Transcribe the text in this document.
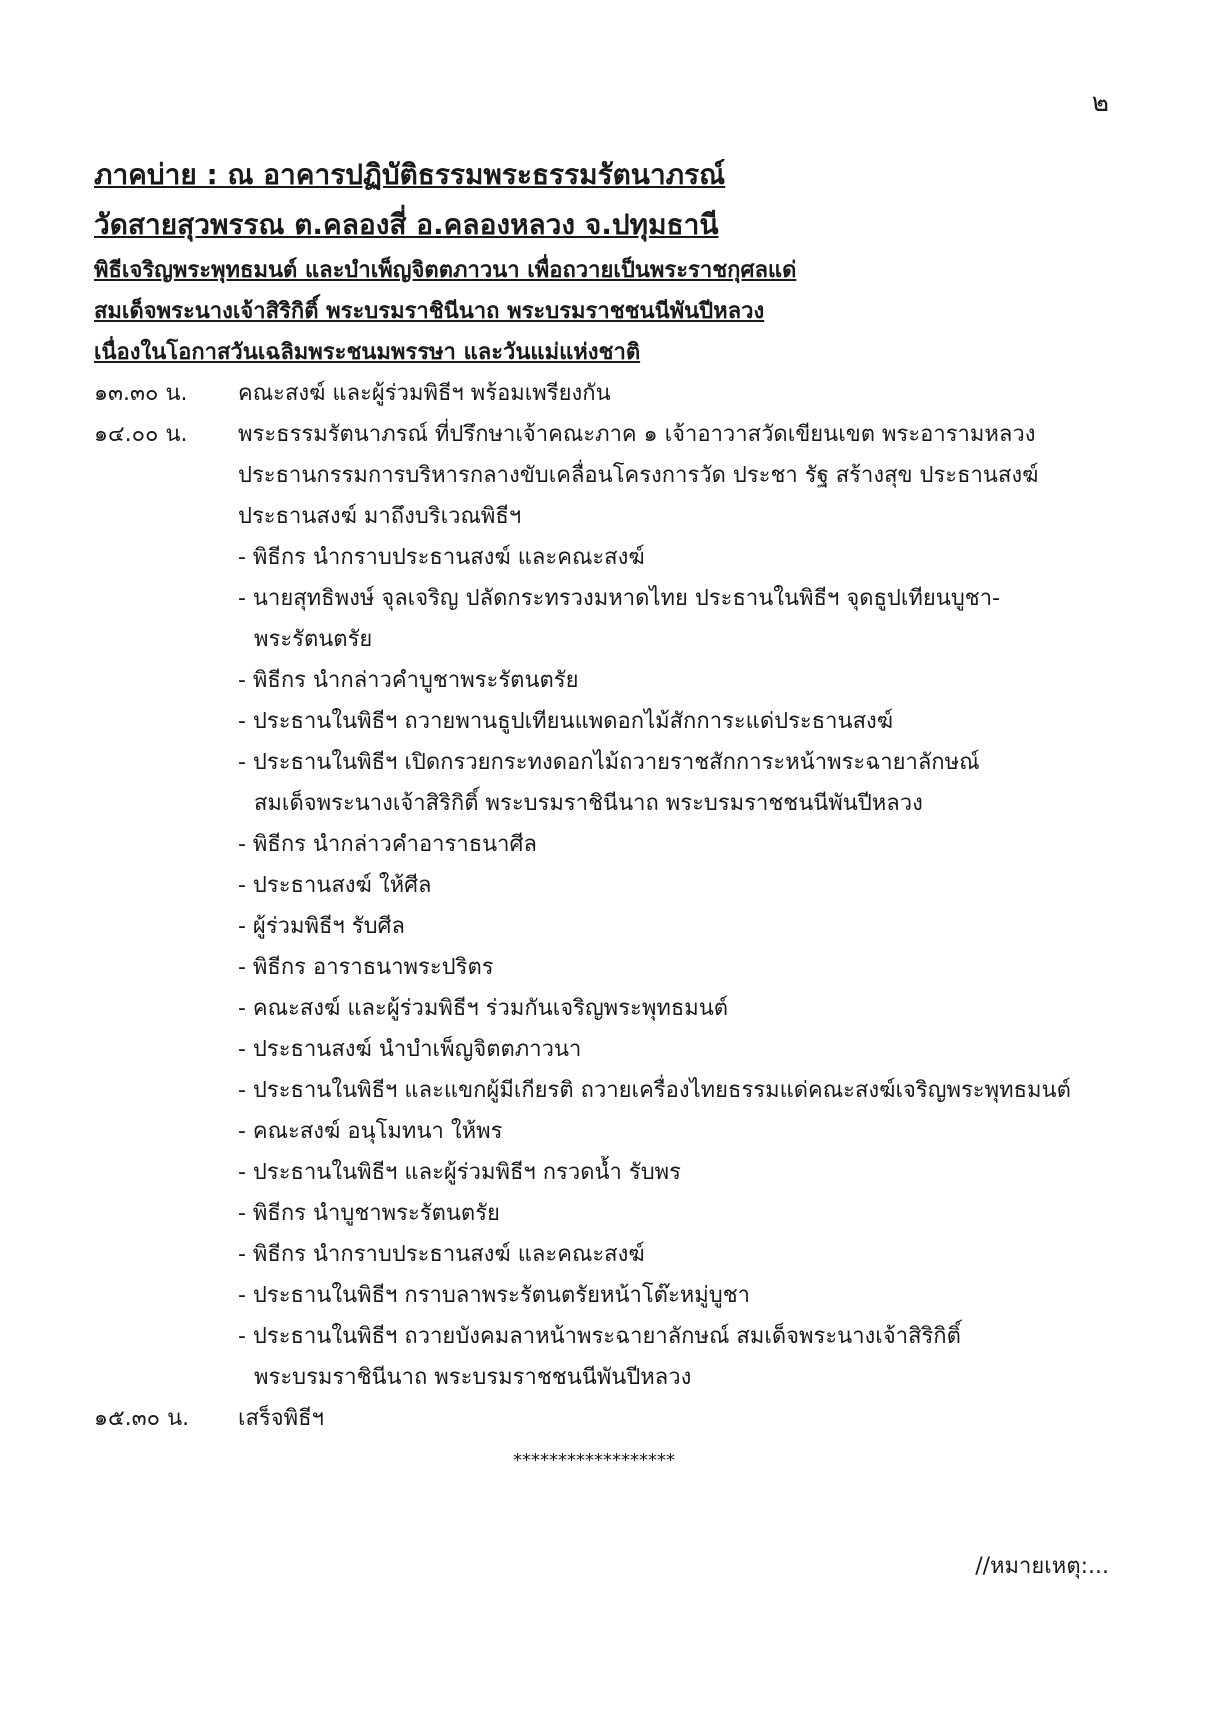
๒
ภาคบ่าย : ณ อาคารปฏิบัติธรรมพระธรรมรัตนาภรณ์
วัดสายสุวพรรณ ต.คลองสี่ อ.คลองหลวง จ.ปทุมธานี
พิธีเจริญพระพุทธมนต์ และบำเพ็ญจิตตภาวนา เพื่อถวายเป็นพระราชกุศลแด่
สมเด็จพระนางเจ้าสิริกิติ์ พระบรมราชินีนาถ พระบรมราชชนนีพันปีหลวง
เนื่องในโอกาสวันเฉลิมพระชนมพรรษา และวันแม่แห่งชาติ
๑๓.๓๐ น.	คณะสงฆ์ และผู้ร่วมพิธีฯ พร้อมเพรียงกัน
๑๔.๐๐ น.	พระธรรมรัตนาภรณ์ ที่ปรึกษาเจ้าคณะภาค ๑ เจ้าอาวาสวัดเขียนเขต พระอารามหลวง
ประธานกรรมการบริหารกลางขับเคลื่อนโครงการวัด ประชา รัฐ สร้างสุข ประธานสงฆ์
ประธานสงฆ์ มาถึงบริเวณพิธีฯ
- พิธีกร นำกราบประธานสงฆ์ และคณะสงฆ์
- นายสุทธิพงษ์ จุลเจริญ ปลัดกระทรวงมหาดไทย ประธานในพิธีฯ จุดธูปเทียนบูชา-
พระรัตนตรัย
- พิธีกร นำกล่าวคำบูชาพระรัตนตรัย
- ประธานในพิธีฯ ถวายพานธูปเทียนแพดอกไม้สักการะแด่ประธานสงฆ์
- ประธานในพิธีฯ เปิดกรวยกระทงดอกไม้ถวายราชสักการะหน้าพระฉายาลักษณ์
สมเด็จพระนางเจ้าสิริกิติ์ พระบรมราชินีนาถ พระบรมราชชนนีพันปีหลวง
- พิธีกร นำกล่าวคำอาราธนาศีล
- ประธานสงฆ์ ให้ศีล
- ผู้ร่วมพิธีฯ รับศีล
- พิธีกร อาราธนาพระปริตร
- คณะสงฆ์ และผู้ร่วมพิธีฯ ร่วมกันเจริญพระพุทธมนต์
- ประธานสงฆ์ นำบำเพ็ญจิตตภาวนา
- ประธานในพิธีฯ และแขกผู้มีเกียรติ ถวายเครื่องไทยธรรมแด่คณะสงฆ์เจริญพระพุทธมนต์
- คณะสงฆ์ อนุโมทนา ให้พร
- ประธานในพิธีฯ และผู้ร่วมพิธีฯ กรวดน้ำ รับพร
- พิธีกร นำบูชาพระรัตนตรัย
- พิธีกร นำกราบประธานสงฆ์ และคณะสงฆ์
- ประธานในพิธีฯ กราบลาพระรัตนตรัยหน้าโต๊ะหมู่บูชา
- ประธานในพิธีฯ ถวายบังคมลาหน้าพระฉายาลักษณ์ สมเด็จพระนางเจ้าสิริกิติ์
พระบรมราชินีนาถ พระบรมราชชนนีพันปีหลวง
๑๕.๓๐ น.	เสร็จพิธีฯ
******************
//หมายเหตุ:...
